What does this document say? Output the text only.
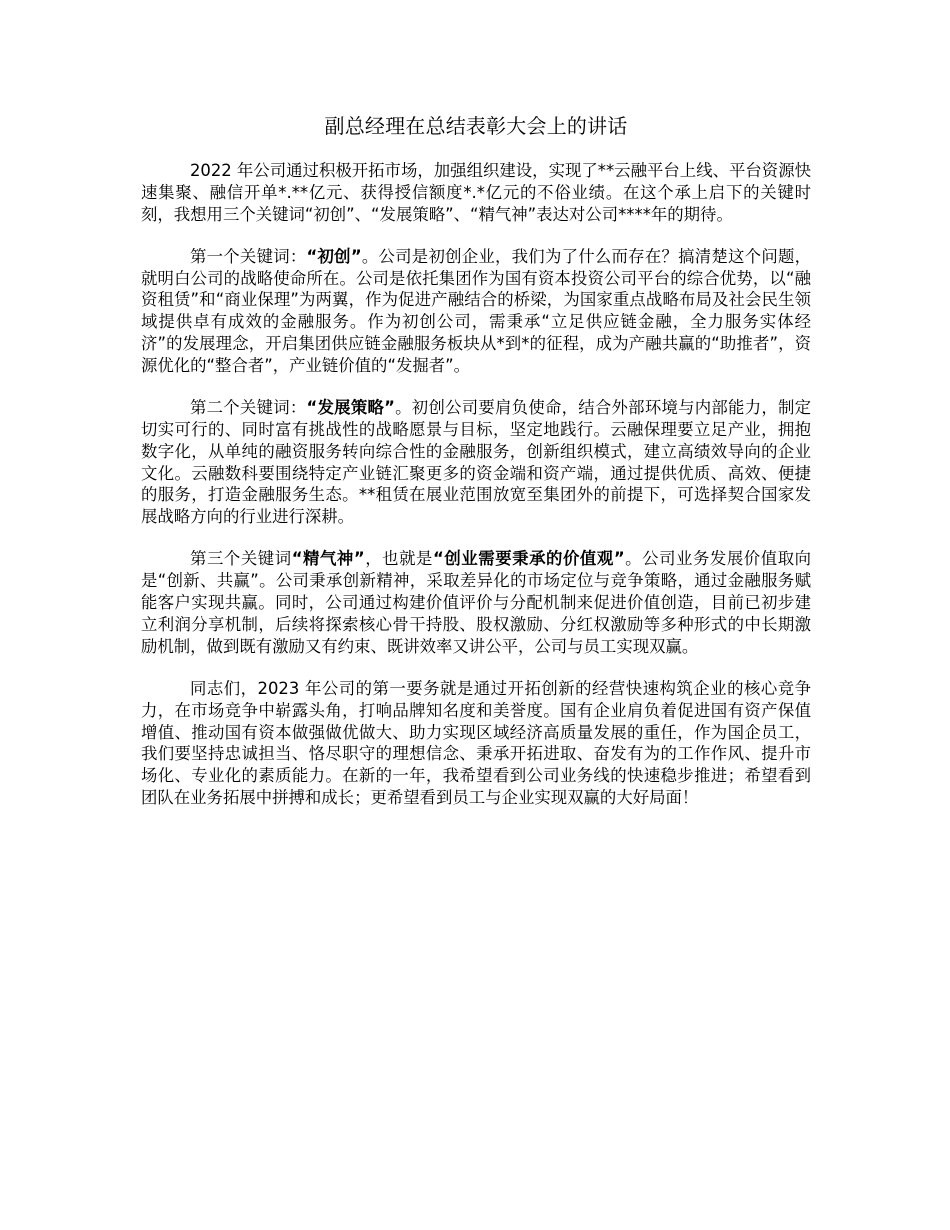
副总经理在总结表彰大会上的讲话

2022 年公司通过积极开拓市场，加强组织建设，实现了**云融平台上线、平台资源快速集聚、融信开单*.**亿元、获得授信额度*.*亿元的不俗业绩。在这个承上启下的关键时刻，我想用三个关键词“初创”、“发展策略”、“精气神”表达对公司****年的期待。

第一个关键词：“初创”。公司是初创企业，我们为了什么而存在？搞清楚这个问题，就明白公司的战略使命所在。公司是依托集团作为国有资本投资公司平台的综合优势，以“融资租赁”和“商业保理”为两翼，作为促进产融结合的桥梁，为国家重点战略布局及社会民生领域提供卓有成效的金融服务。作为初创公司，需秉承“立足供应链金融，全力服务实体经济”的发展理念，开启集团供应链金融服务板块从*到*的征程，成为产融共赢的“助推者”，资源优化的“整合者”，产业链价值的“发掘者”。

第二个关键词：“发展策略”。初创公司要肩负使命，结合外部环境与内部能力，制定切实可行的、同时富有挑战性的战略愿景与目标，坚定地践行。云融保理要立足产业，拥抱数字化，从单纯的融资服务转向综合性的金融服务，创新组织模式，建立高绩效导向的企业文化。云融数科要围绕特定产业链汇聚更多的资金端和资产端，通过提供优质、高效、便捷的服务，打造金融服务生态。**租赁在展业范围放宽至集团外的前提下，可选择契合国家发展战略方向的行业进行深耕。

第三个关键词“精气神”，也就是“创业需要秉承的价值观”。公司业务发展价值取向是“创新、共赢”。公司秉承创新精神，采取差异化的市场定位与竞争策略，通过金融服务赋能客户实现共赢。同时，公司通过构建价值评价与分配机制来促进价值创造，目前已初步建立利润分享机制，后续将探索核心骨干持股、股权激励、分红权激励等多种形式的中长期激励机制，做到既有激励又有约束、既讲效率又讲公平，公司与员工实现双赢。

同志们，2023 年公司的第一要务就是通过开拓创新的经营快速构筑企业的核心竞争力，在市场竞争中崭露头角，打响品牌知名度和美誉度。国有企业肩负着促进国有资产保值增值、推动国有资本做强做优做大、助力实现区域经济高质量发展的重任，作为国企员工，我们要坚持忠诚担当、恪尽职守的理想信念、秉承开拓进取、奋发有为的工作作风、提升市场化、专业化的素质能力。在新的一年，我希望看到公司业务线的快速稳步推进；希望看到团队在业务拓展中拼搏和成长；更希望看到员工与企业实现双赢的大好局面！
